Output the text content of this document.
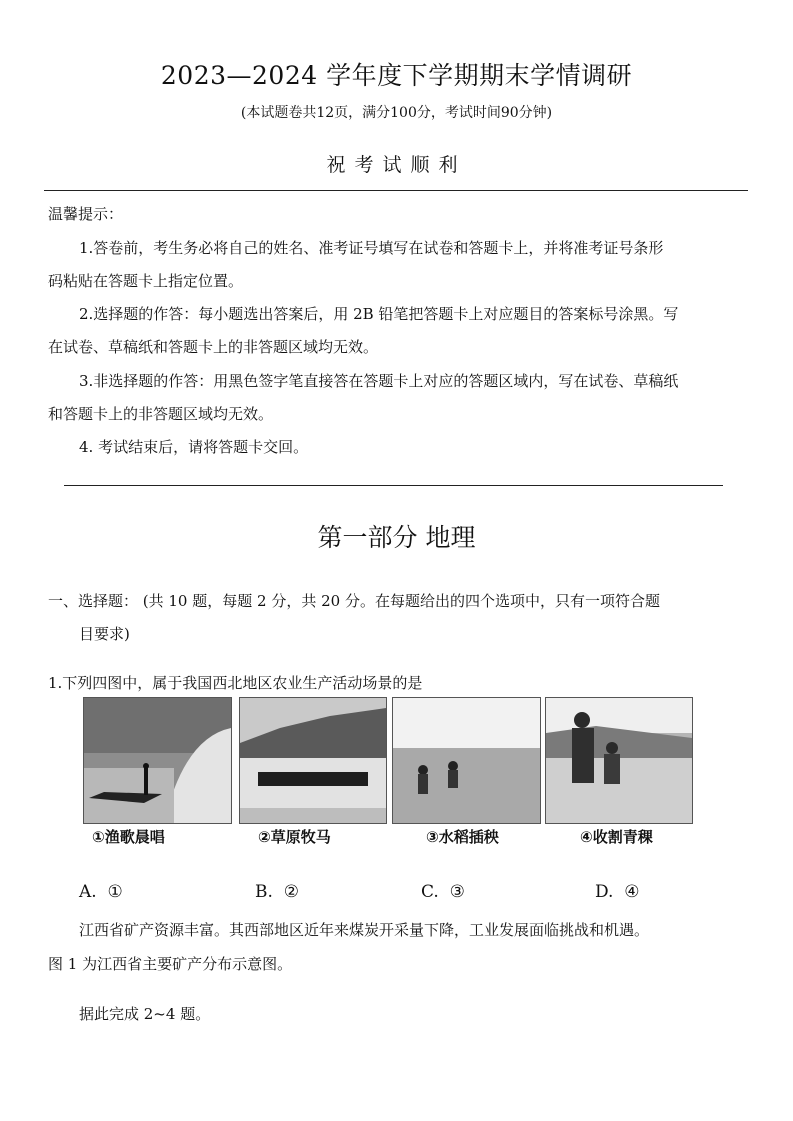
2023—2024 学年度下学期期末学情调研
(本试题卷共12页，满分100分，考试时间90分钟)
祝考试顺利
温馨提示：
1.答卷前，考生务必将自己的姓名、准考证号填写在试卷和答题卡上，并将准考证号条形
码粘贴在答题卡上指定位置。
2.选择题的作答：每小题选出答案后，用 2B 铅笔把答题卡上对应题目的答案标号涂黑。写
在试卷、草稿纸和答题卡上的非答题区域均无效。
3.非选择题的作答：用黑色签字笔直接答在答题卡上对应的答题区域内，写在试卷、草稿纸
和答题卡上的非答题区域均无效。
4. 考试结束后，请将答题卡交回。
第一部分 地理
一、选择题： (共 10 题，每题 2 分，共 20 分。在每题给出的四个选项中，只有一项符合题
目要求)
1.下列四图中，属于我国西北地区农业生产活动场景的是
①渔歌晨唱	②草原牧马	③水稻插秧	④收割青稞
A. ①	B. ②	C. ③	D. ④
江西省矿产资源丰富。其西部地区近年来煤炭开采量下降，工业发展面临挑战和机遇。
图 1 为江西省主要矿产分布示意图。
据此完成 2~4 题。
